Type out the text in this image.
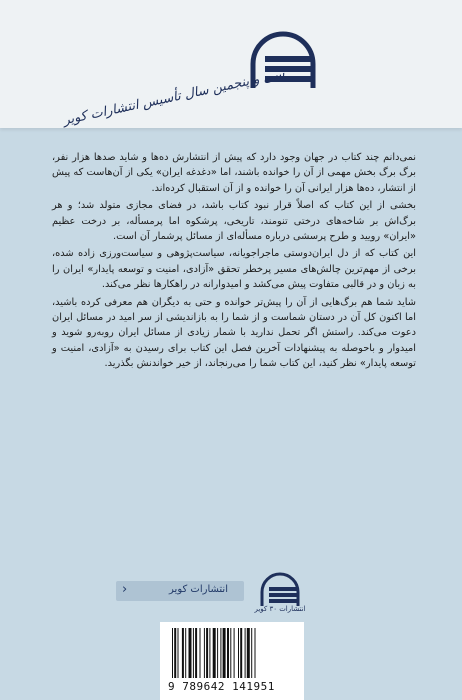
سی و پنجمین سال تأسیس انتشارات کویر

نمی‌دانم چند کتاب در جهان وجود دارد که پیش از انتشارش ده‌ها و شاید صدها هزار نفر، برگ برگ بخش مهمی از آن را خوانده باشند، اما «دغدغه ایران» یکی از آن‌هاست که پیش از انتشار، ده‌ها هزار ایرانی آن را خوانده و از آن استقبال کرده‌اند.

بخشی از این کتاب که اصلاً قرار نبود کتاب باشد، در فضای مجازی متولد شد؛ و هر برگ‌اش بر شاخه‌های درختی تنومند، تاریخی، پرشکوه اما پرمسأله، بر درخت عظیم «ایران» رویید و طرح پرسشی درباره مسأله‌ای از مسائل پرشمار آن است.

این کتاب که از دل ایران‌دوستی ماجراجویانه، سیاست‌پژوهی و سیاست‌ورزی زاده شده، برخی از مهم‌ترین چالش‌های مسیر پرخطر تحقق «آزادی، امنیت و توسعه پایدار» ایران را به زبان و در قالبی متفاوت پیش می‌کشد و امیدوارانه در راهکارها نظر می‌کند.

شاید شما هم برگ‌هایی از آن را پیش‌تر خوانده و حتی به دیگران هم معرفی کرده باشید، اما اکنون کل آن در دستان شماست و از شما را به بازاندیشی از سر امید در مسائل ایران دعوت می‌کند. راستش اگر تحمل ندارید با شمار زیادی از مسائل ایران روبه‌رو شوید و امیدوار و باحوصله به پیشنهادات آخرین فصل این کتاب برای رسیدن به «آزادی، امنیت و توسعه پایدار» نظر کنید، این کتاب شما را می‌رنجاند، از خیر خواندنش بگذرید.

›	انتشارات کویر
انتشارات ۳۰ کویر
9 789642 141951
